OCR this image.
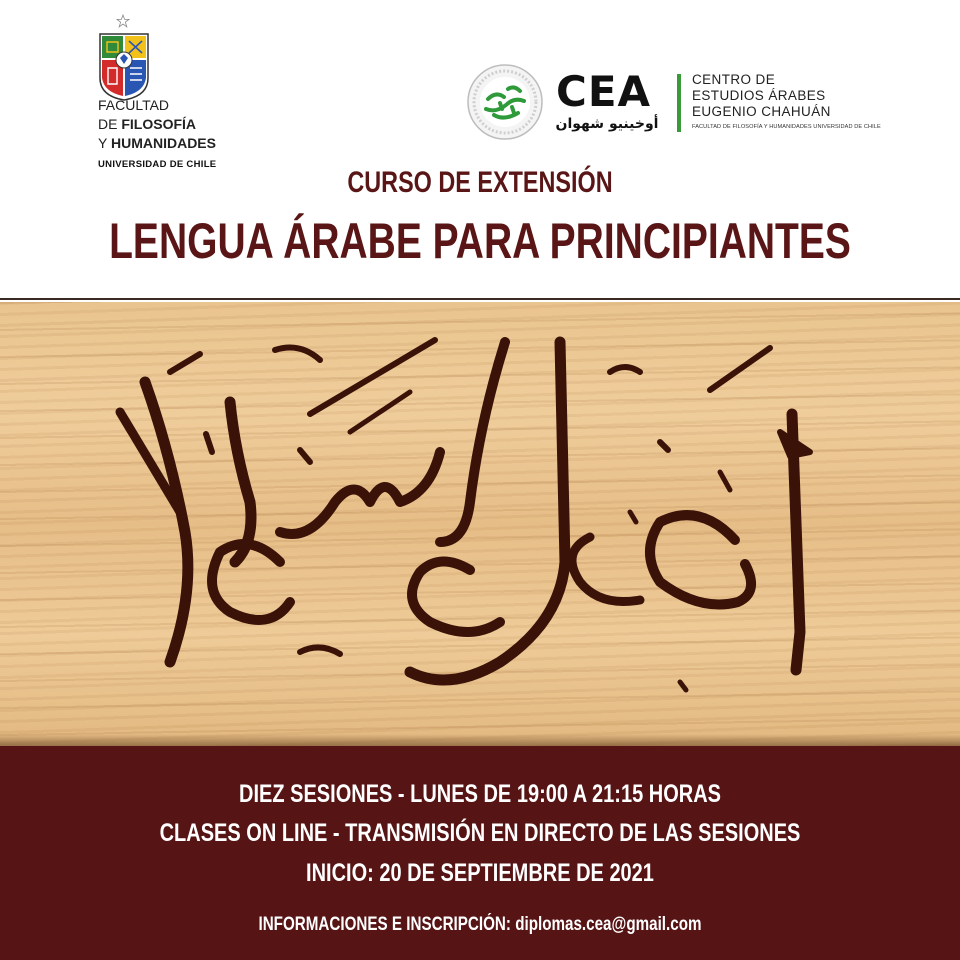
FACULTAD
DE FILOSOFÍA
Y HUMANIDADES
UNIVERSIDAD DE CHILE
CEA
أوخينيو شهوان
CENTRO DE
ESTUDIOS ÁRABES
EUGENIO CHAHUÁN
FACULTAD DE FILOSOFÍA Y HUMANIDADES UNIVERSIDAD DE CHILE
CURSO DE EXTENSIÓN
LENGUA ÁRABE PARA PRINCIPIANTES
DIEZ SESIONES - LUNES DE 19:00 A 21:15 HORAS
CLASES ON LINE - TRANSMISIÓN EN DIRECTO DE LAS SESIONES
INICIO: 20 DE SEPTIEMBRE DE 2021
INFORMACIONES E INSCRIPCIÓN: diplomas.cea@gmail.com
